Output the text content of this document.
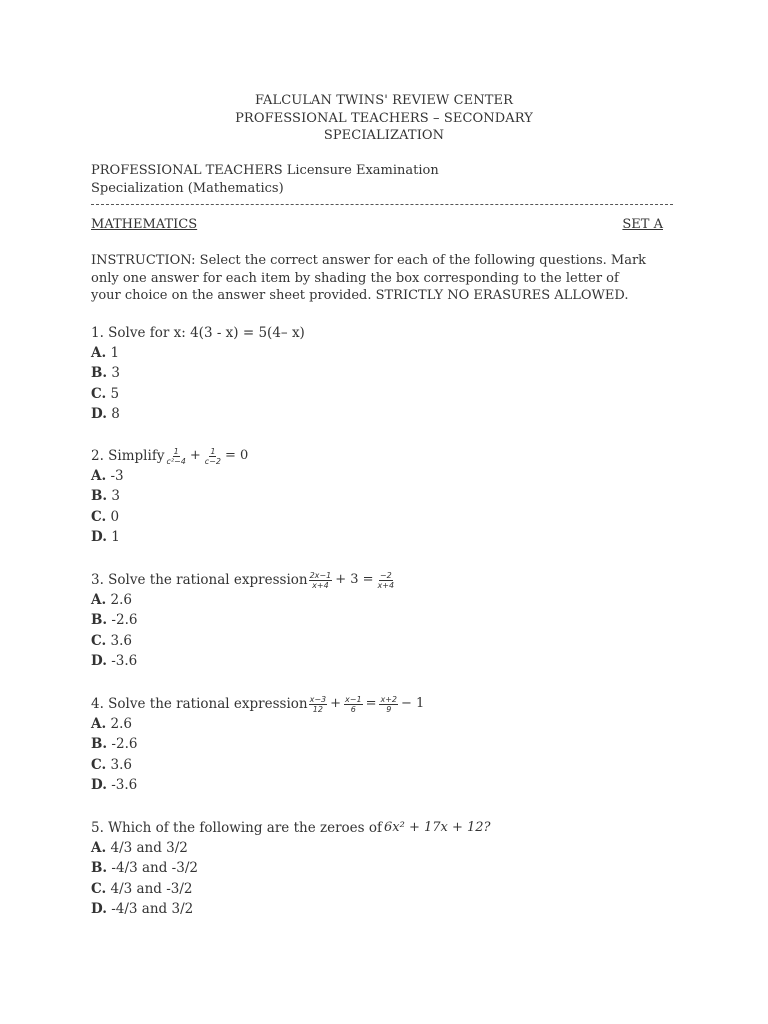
FALCULAN TWINS' REVIEW CENTER
PROFESSIONAL TEACHERS – SECONDARY
SPECIALIZATION
PROFESSIONAL TEACHERS Licensure Examination
Specialization (Mathematics)
MATHEMATICS	SET A
INSTRUCTION: Select the correct answer for each of the following questions. Mark
only one answer for each item by shading the box corresponding to the letter of
your choice on the answer sheet provided. STRICTLY NO ERASURES ALLOWED.
1. Solve for x: 4(3 - x) = 5(4– x)
A. 1
B. 3
C. 5
D. 8
2. Simplify $\frac{1}{\text{c²−4}} + \frac{1}{c-2} = 0$
A. -3
B. 3
C. 0
D. 1
3. Solve the rational expression $\frac{2x-1}{x+4} + 3 = \frac{-2}{x+4}$
A. 2.6
B. -2.6
C. 3.6
D. -3.6
4. Solve the rational expression $\frac{x-3}{12} + \frac{x-1}{6} = \frac{x+2}{9} - 1$
A. 2.6
B. -2.6
C. 3.6
D. -3.6
5. Which of the following are the zeroes of 6x² + 17x + 12?
A. 4/3 and 3/2
B. -4/3 and -3/2
C. 4/3 and -3/2
D. -4/3 and 3/2
